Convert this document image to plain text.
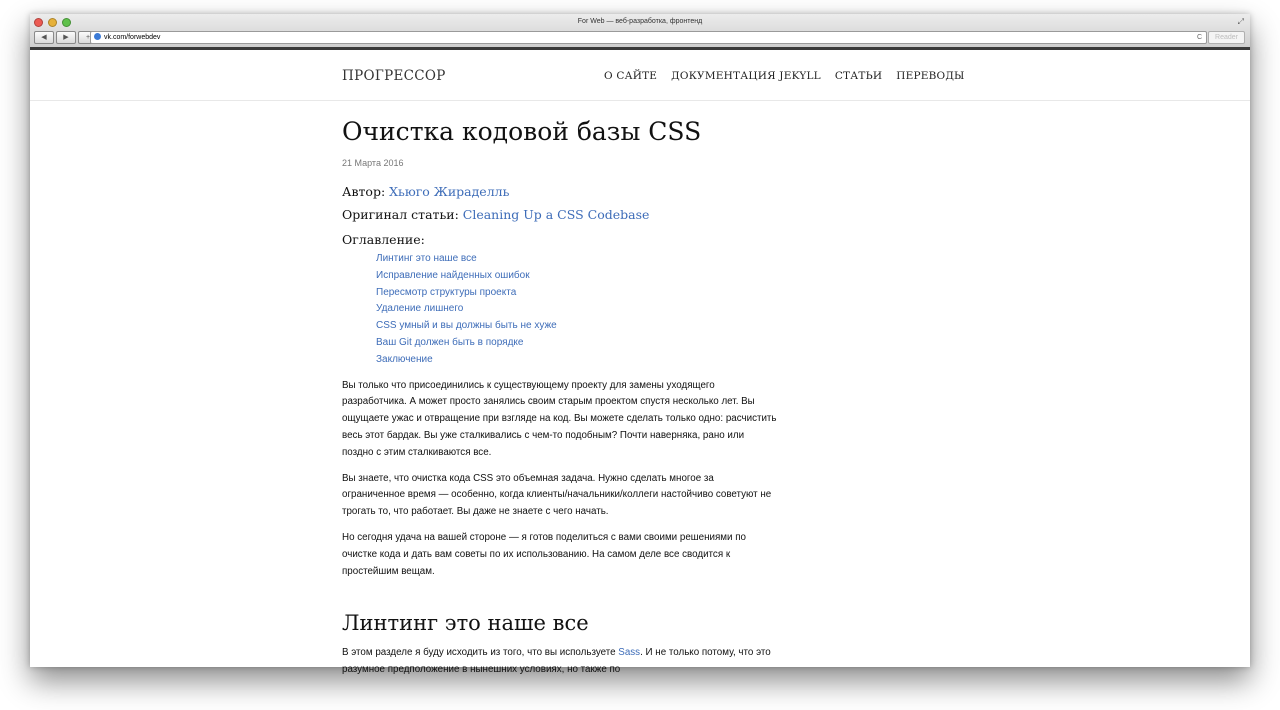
For Web — веб-разработка, фронтенд	⤢
◀	▶	+	vk.com/forwebdev	C	Reader
ПРОГРЕССОР	О САЙТЕ ДОКУМЕНТАЦИЯ JEKYLL СТАТЬИ ПЕРЕВОДЫ
Очистка кодовой базы CSS
21 Марта 2016
Автор: Хьюго Жираделль
Оригинал статьи: Cleaning Up a CSS Codebase
Оглавление:
Линтинг это наше все
Исправление найденных ошибок
Пересмотр структуры проекта
Удаление лишнего
CSS умный и вы должны быть не хуже
Ваш Git должен быть в порядке
Заключение

Вы только что присоединились к существующему проекту для замены уходящего разработчика. А может просто занялись своим старым проектом спустя несколько лет. Вы ощущаете ужас и отвращение при взгляде на код. Вы можете сделать только одно: расчистить весь этот бардак. Вы уже сталкивались с чем-то подобным? Почти наверняка, рано или поздно с этим сталкиваются все.

Вы знаете, что очистка кода CSS это объемная задача. Нужно сделать многое за ограниченное время — особенно, когда клиенты/начальники/коллеги настойчиво советуют не трогать то, что работает. Вы даже не знаете с чего начать.

Но сегодня удача на вашей стороне — я готов поделиться с вами своими решениями по очистке кода и дать вам советы по их использованию. На самом деле все сводится к простейшим вещам.

Линтинг это наше все

В этом разделе я буду исходить из того, что вы используете Sass. И не только потому, что это разумное предположение в нынешних условиях, но также по
